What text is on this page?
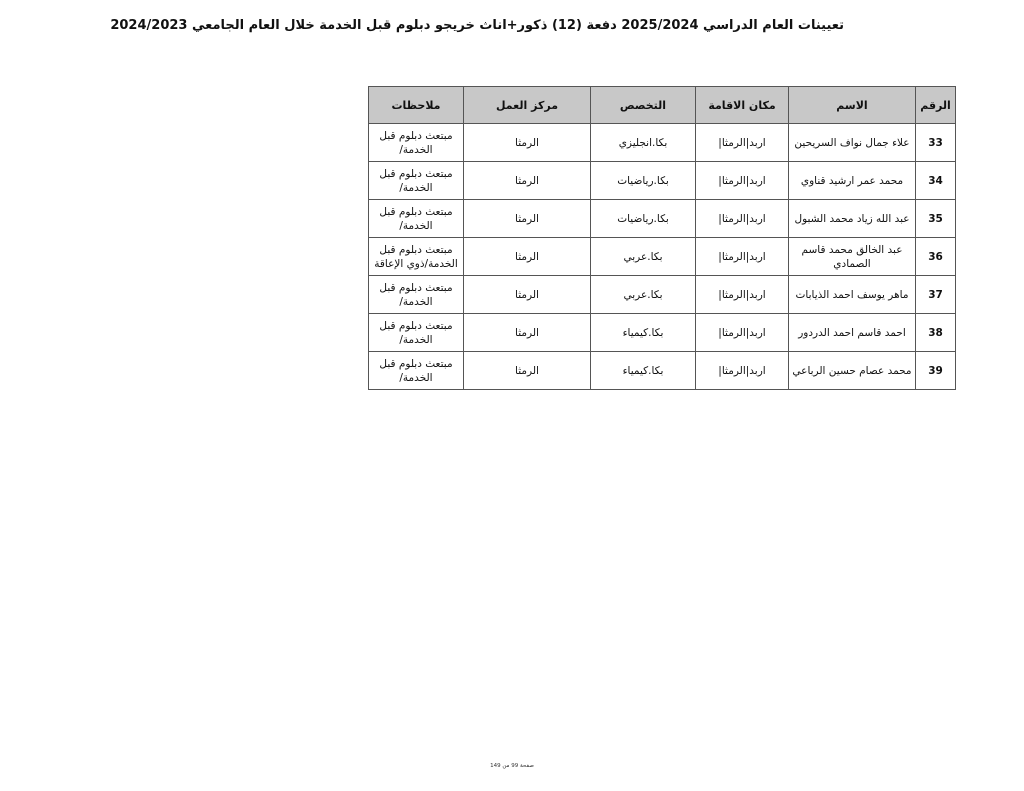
تعيينات العام الدراسي 2025/2024 دفعة (12) ذكور+اناث خريجو دبلوم قبل الخدمة خلال العام الجامعي 2024/2023
الرقم	الاسم	مكان الاقامة	التخصص	مركز العمل	ملاحظات
33	علاء جمال نواف السريحين	اربد|الرمثا|	بكا.انجليزي	الرمثا	مبتعث دبلوم قبل الخدمة/
34	محمد عمر ارشيد قناوي	اربد|الرمثا|	بكا.رياضيات	الرمثا	مبتعث دبلوم قبل الخدمة/
35	عبد الله زياد محمد الشبول	اربد|الرمثا|	بكا.رياضيات	الرمثا	مبتعث دبلوم قبل الخدمة/
36	عبد الخالق محمد قاسم الصمادي	اربد|الرمثا|	بكا.عربي	الرمثا	مبتعث دبلوم قبل الخدمة/ذوي الإعاقة
37	ماهر يوسف احمد الذيابات	اربد|الرمثا|	بكا.عربي	الرمثا	مبتعث دبلوم قبل الخدمة/
38	احمد قاسم احمد الدردور	اربد|الرمثا|	بكا.كيمياء	الرمثا	مبتعث دبلوم قبل الخدمة/
39	محمد عصام حسين الرباعي	اربد|الرمثا|	بكا.كيمياء	الرمثا	مبتعث دبلوم قبل الخدمة/
صفحة 99 من 149
